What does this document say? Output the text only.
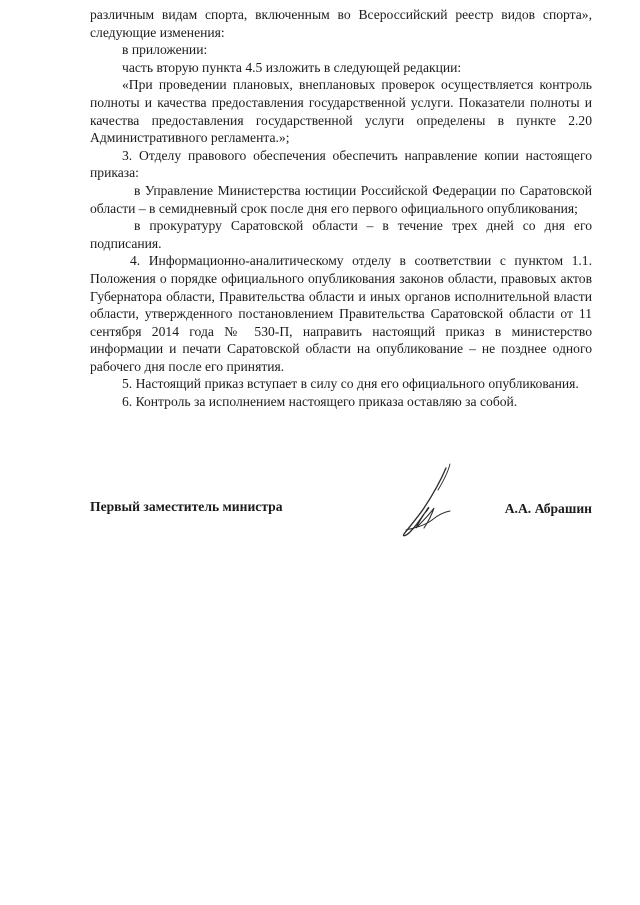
различным видам спорта, включенным во Всероссийский реестр видов спорта», следующие изменения:

в приложении:

часть вторую пункта 4.5 изложить в следующей редакции:

«При проведении плановых, внеплановых проверок осуществляется контроль полноты и качества предоставления государственной услуги. Показатели полноты и качества предоставления государственной услуги определены в пункте 2.20 Административного регламента.»;

3. Отделу правового обеспечения обеспечить направление копии настоящего приказа:

в Управление Министерства юстиции Российской Федерации по Саратовской области – в семидневный срок после дня его первого официального опубликования;

в прокуратуру Саратовской области – в течение трех дней со дня его подписания.

4. Информационно-аналитическому отделу в соответствии с пунктом 1.1. Положения о порядке официального опубликования законов области, правовых актов Губернатора области, Правительства области и иных органов исполнительной власти области, утвержденного постановлением Правительства Саратовской области от 11 сентября 2014 года № 530-П, направить настоящий приказ в министерство информации и печати Саратовской области на опубликование – не позднее одного рабочего дня после его принятия.

5. Настоящий приказ вступает в силу со дня его официального опубликования.

6. Контроль за исполнением настоящего приказа оставляю за собой.

Первый заместитель министра	А.А. Абрашин
